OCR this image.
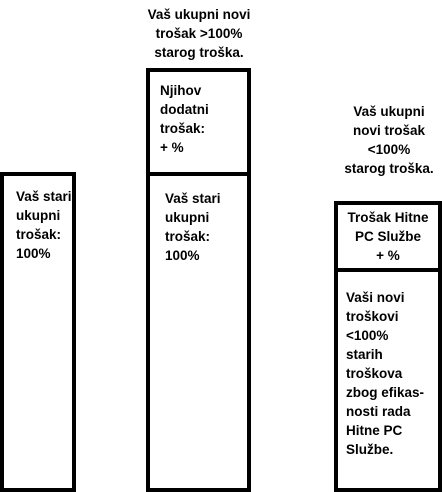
Vaš stari
ukupni
trošak:
100%

Vaš ukupni novi
trošak >100%
starog troška.

Njihov
dodatni
trošak:
+ %

Vaš stari
ukupni
trošak:
100%

Vaš ukupni
novi trošak
<100%
starog troška.

Trošak Hitne
PC Službe
+ %

Vaši novi
troškovi
<100%
starih
troškova
zbog efikas-
nosti rada
Hitne PC
Službe.
